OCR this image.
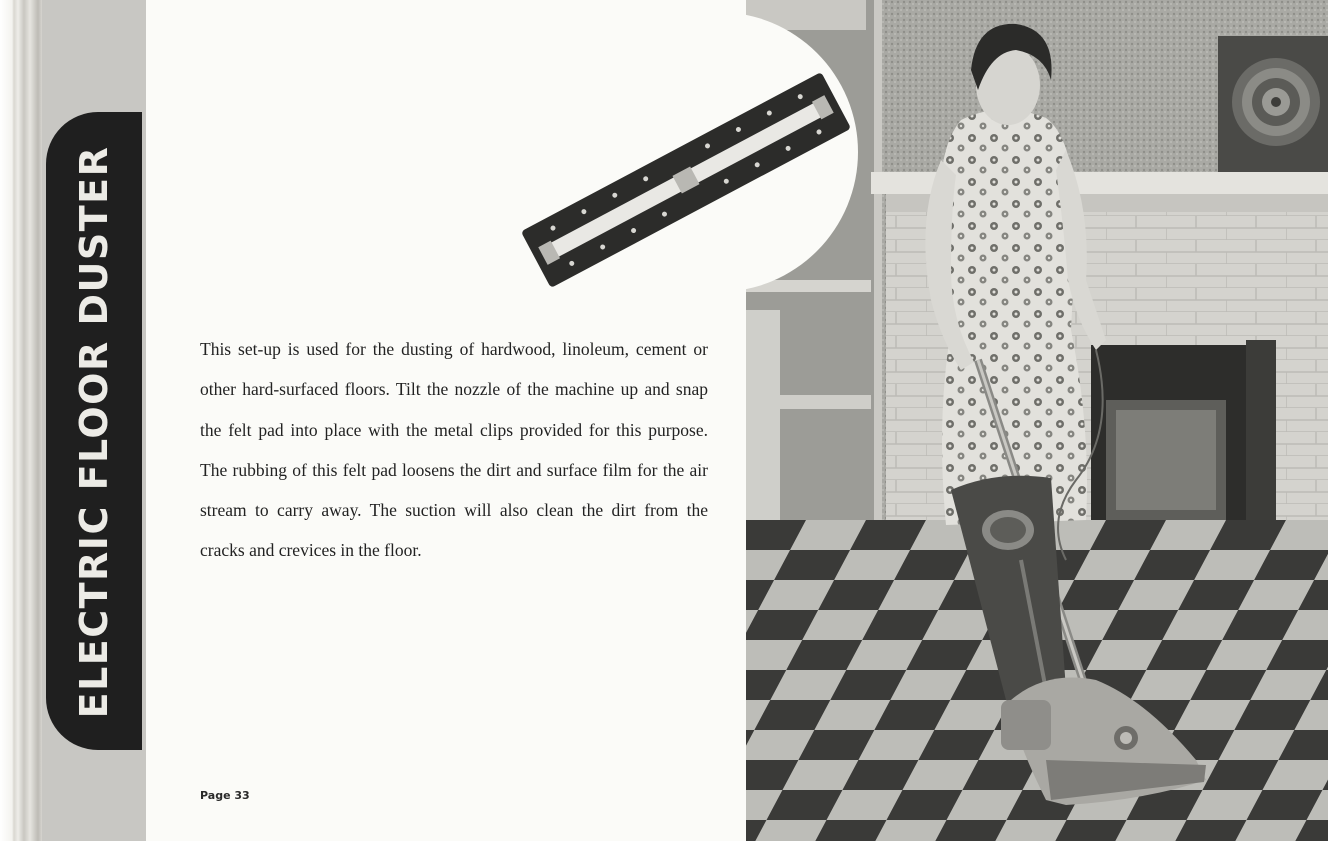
ELECTRIC FLOOR DUSTER	This set-up is used for the dusting of hardwood, linoleum, cement or other hard-surfaced floors. Tilt the nozzle of the machine up and snap the felt pad into place with the metal clips provided for this purpose. The rubbing of this felt pad loosens the dirt and surface film for the air stream to carry away. The suction will also clean the dirt from the cracks and crevices in the floor.

Page 33
